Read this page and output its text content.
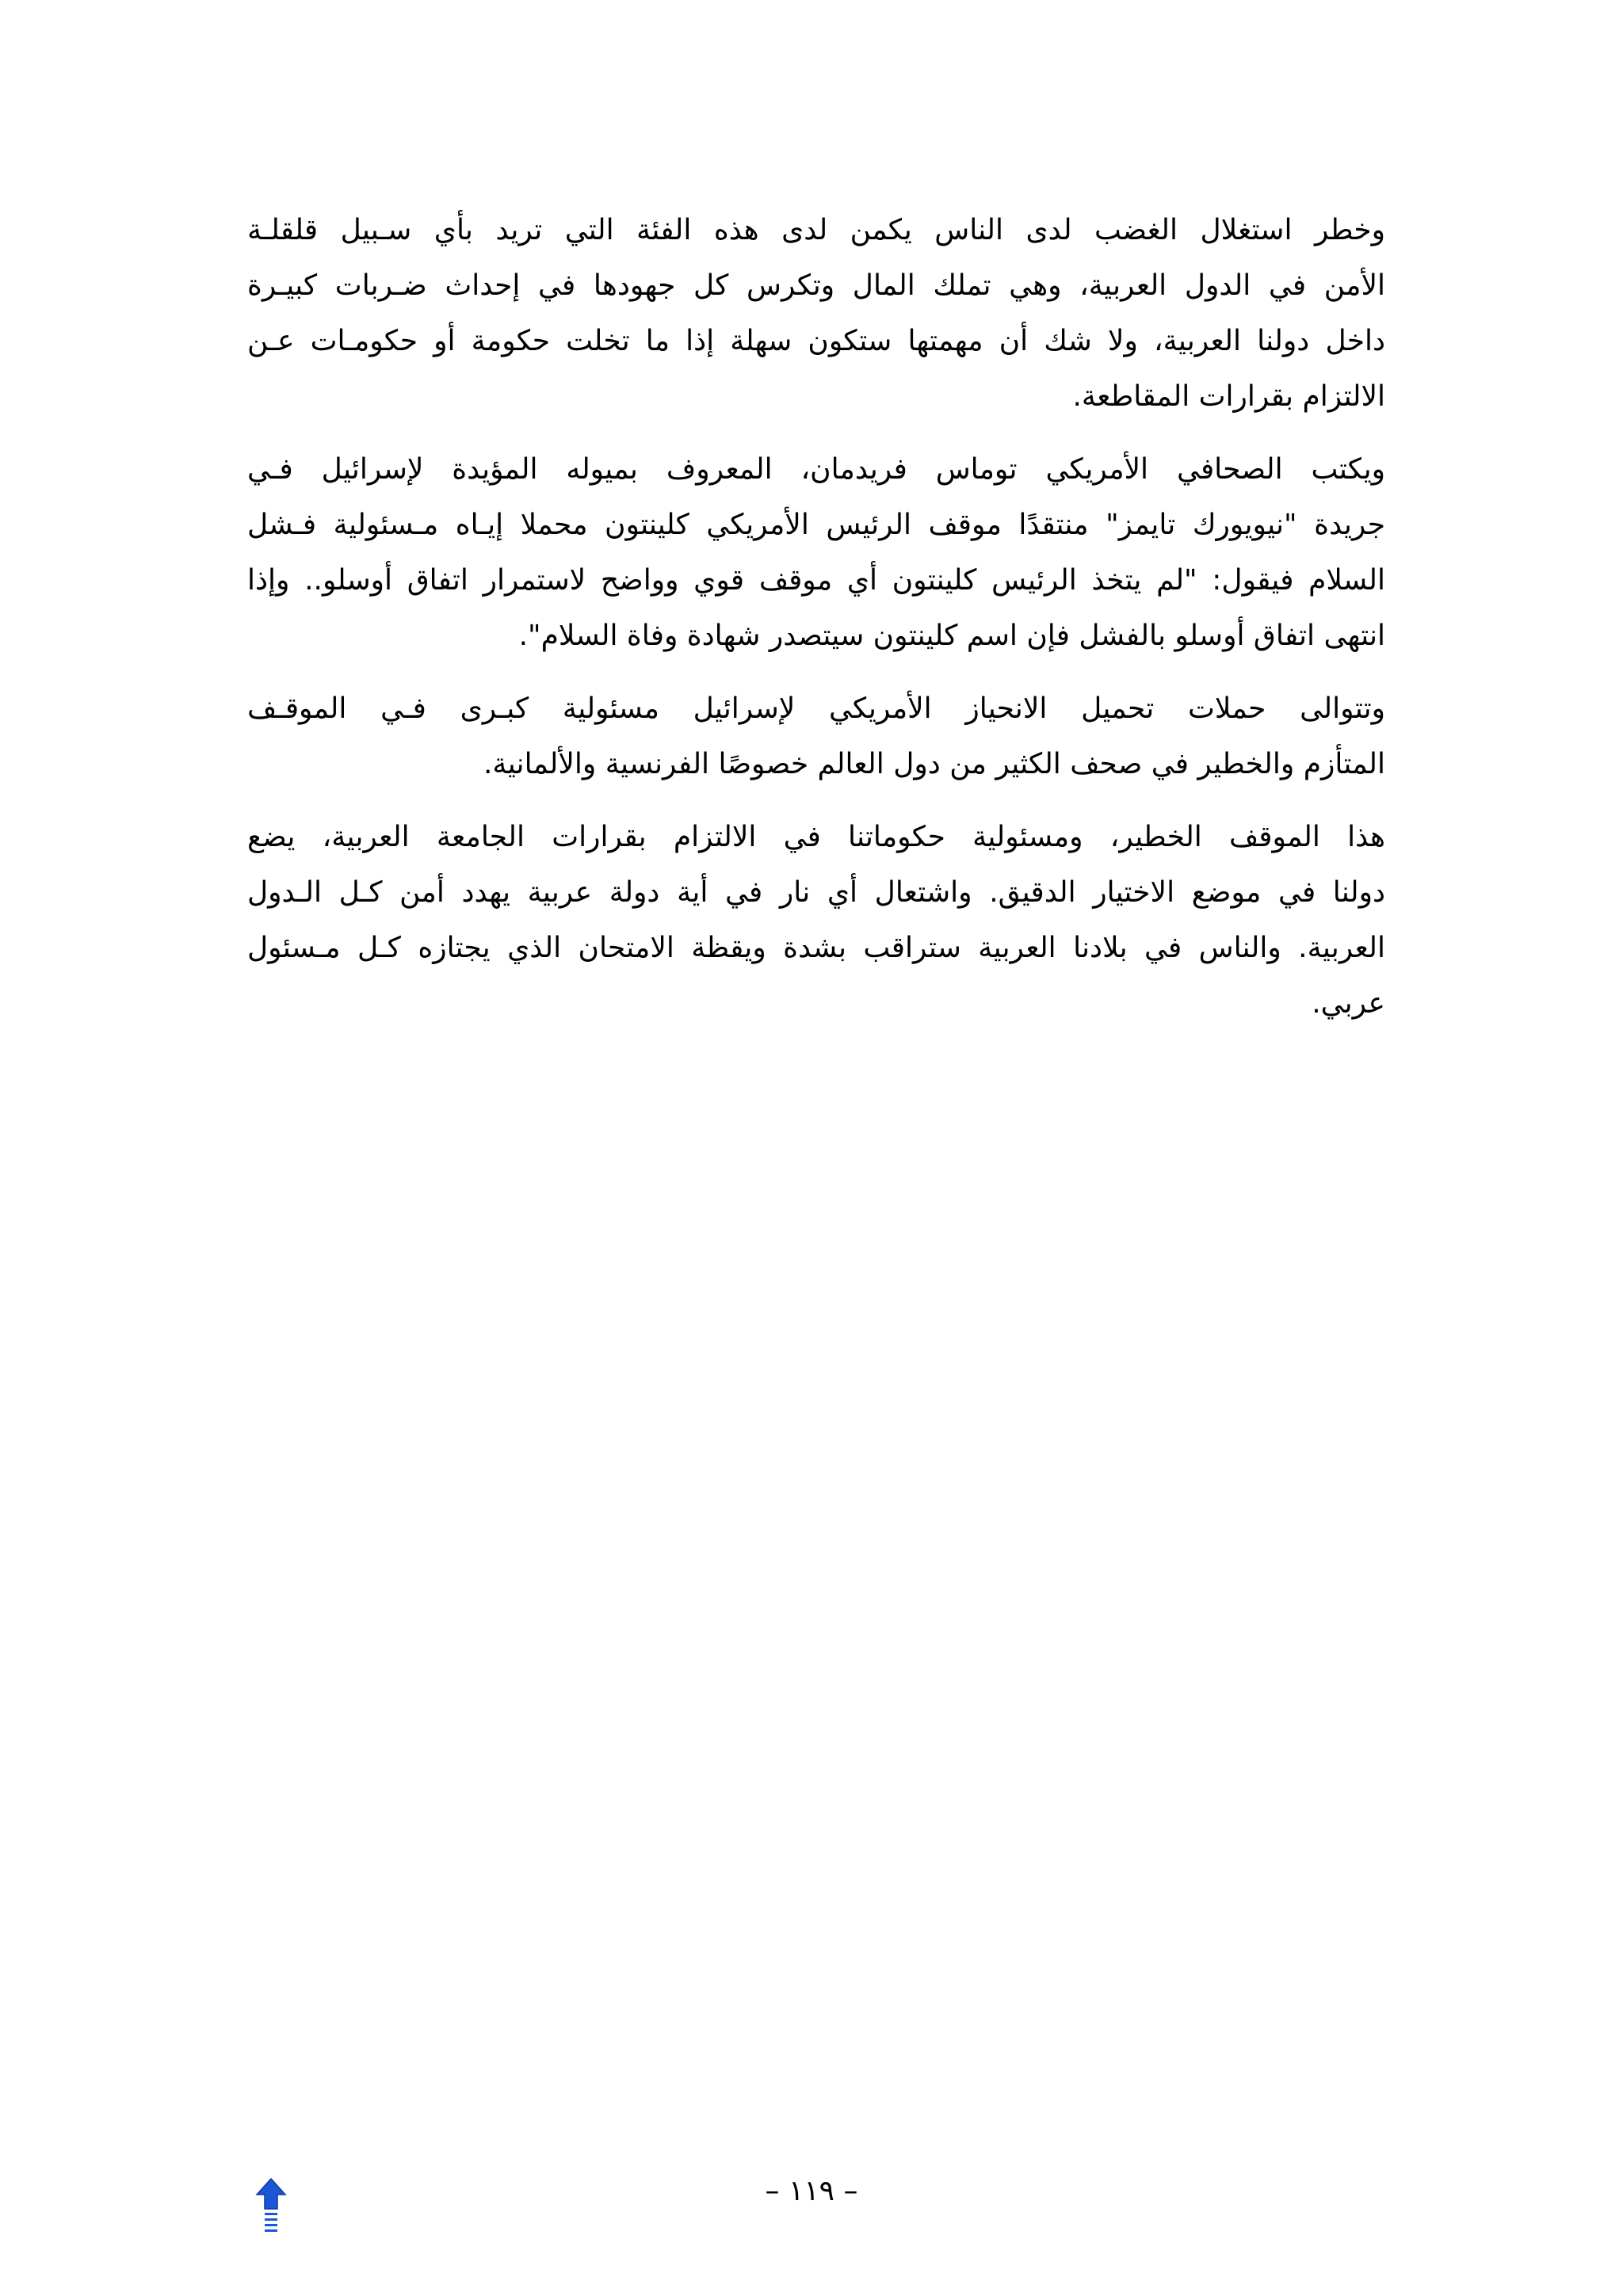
وخطر استغلال الغضب لدى الناس يكمن لدى هذه الفئة التي تريد بأي سـبيل قلقلـة
الأمن في الدول العربية، وهي تملك المال وتكرس كل جهودها في إحداث ضـربات كبيـرة
داخل دولنا العربية، ولا شك أن مهمتها ستكون سهلة إذا ما تخلت حكومة أو حكومـات عـن
الالتزام بقرارات المقاطعة.

ويكتب الصحافي الأمريكي توماس فريدمان، المعروف بميوله المؤيدة لإسرائيل فـي
جريدة "نيويورك تايمز" منتقدًا موقف الرئيس الأمريكي كلينتون محملا إيـاه مـسئولية فـشل
السلام فيقول: "لم يتخذ الرئيس كلينتون أي موقف قوي وواضح لاستمرار اتفاق أوسلو.. وإذا
انتهى اتفاق أوسلو بالفشل فإن اسم كلينتون سيتصدر شهادة وفاة السلام".

وتتوالى حملات تحميل الانحياز الأمريكي لإسرائيل مسئولية كبـرى فـي الموقـف
المتأزم والخطير في صحف الكثير من دول العالم خصوصًا الفرنسية والألمانية.

هذا الموقف الخطير، ومسئولية حكوماتنا في الالتزام بقرارات الجامعة العربية، يضع
دولنا في موضع الاختيار الدقيق. واشتعال أي نار في أية دولة عربية يهدد أمن كـل الـدول
العربية. والناس في بلادنا العربية ستراقب بشدة ويقظة الامتحان الذي يجتازه كـل مـسئول
عربي.

– ١١٩ –
